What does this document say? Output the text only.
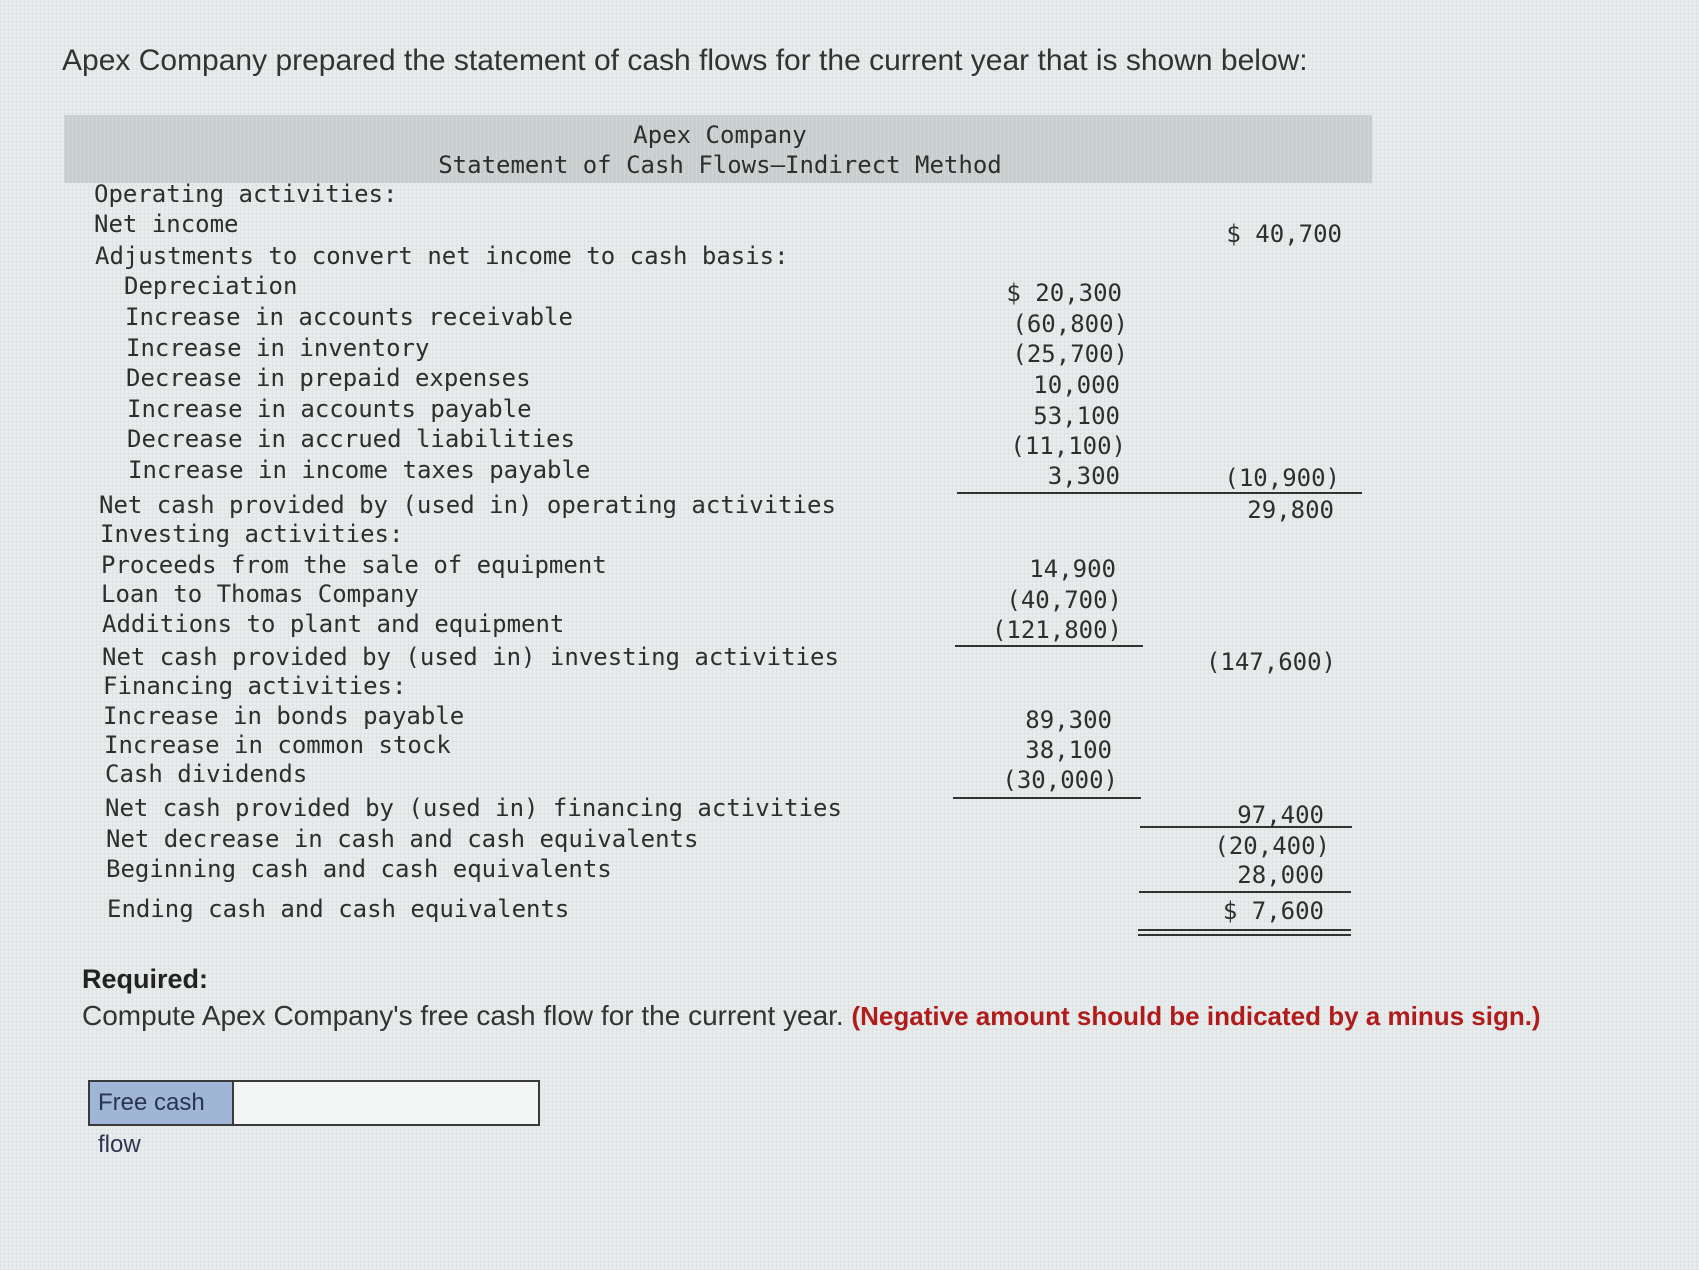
Apex Company prepared the statement of cash flows for the current year that is shown below:
Apex Company
Statement of Cash Flows—Indirect Method
Operating activities:
Net income	$ 40,700
Adjustments to convert net income to cash basis:
Depreciation	$ 20,300
Increase in accounts receivable	(60,800)
Increase in inventory	(25,700)
Decrease in prepaid expenses	10,000
Increase in accounts payable	53,100
Decrease in accrued liabilities	(11,100)
Increase in income taxes payable	3,300	(10,900)
Net cash provided by (used in) operating activities	29,800
Investing activities:
Proceeds from the sale of equipment	14,900
Loan to Thomas Company	(40,700)
Additions to plant and equipment	(121,800)
Net cash provided by (used in) investing activities	(147,600)
Financing activities:
Increase in bonds payable	89,300
Increase in common stock	38,100
Cash dividends	(30,000)
Net cash provided by (used in) financing activities	97,400
Net decrease in cash and cash equivalents	(20,400)
Beginning cash and cash equivalents	28,000
Ending cash and cash equivalents	$ 7,600
Required:
Compute Apex Company's free cash flow for the current year. (Negative amount should be indicated by a minus sign.)
Free cash flow
